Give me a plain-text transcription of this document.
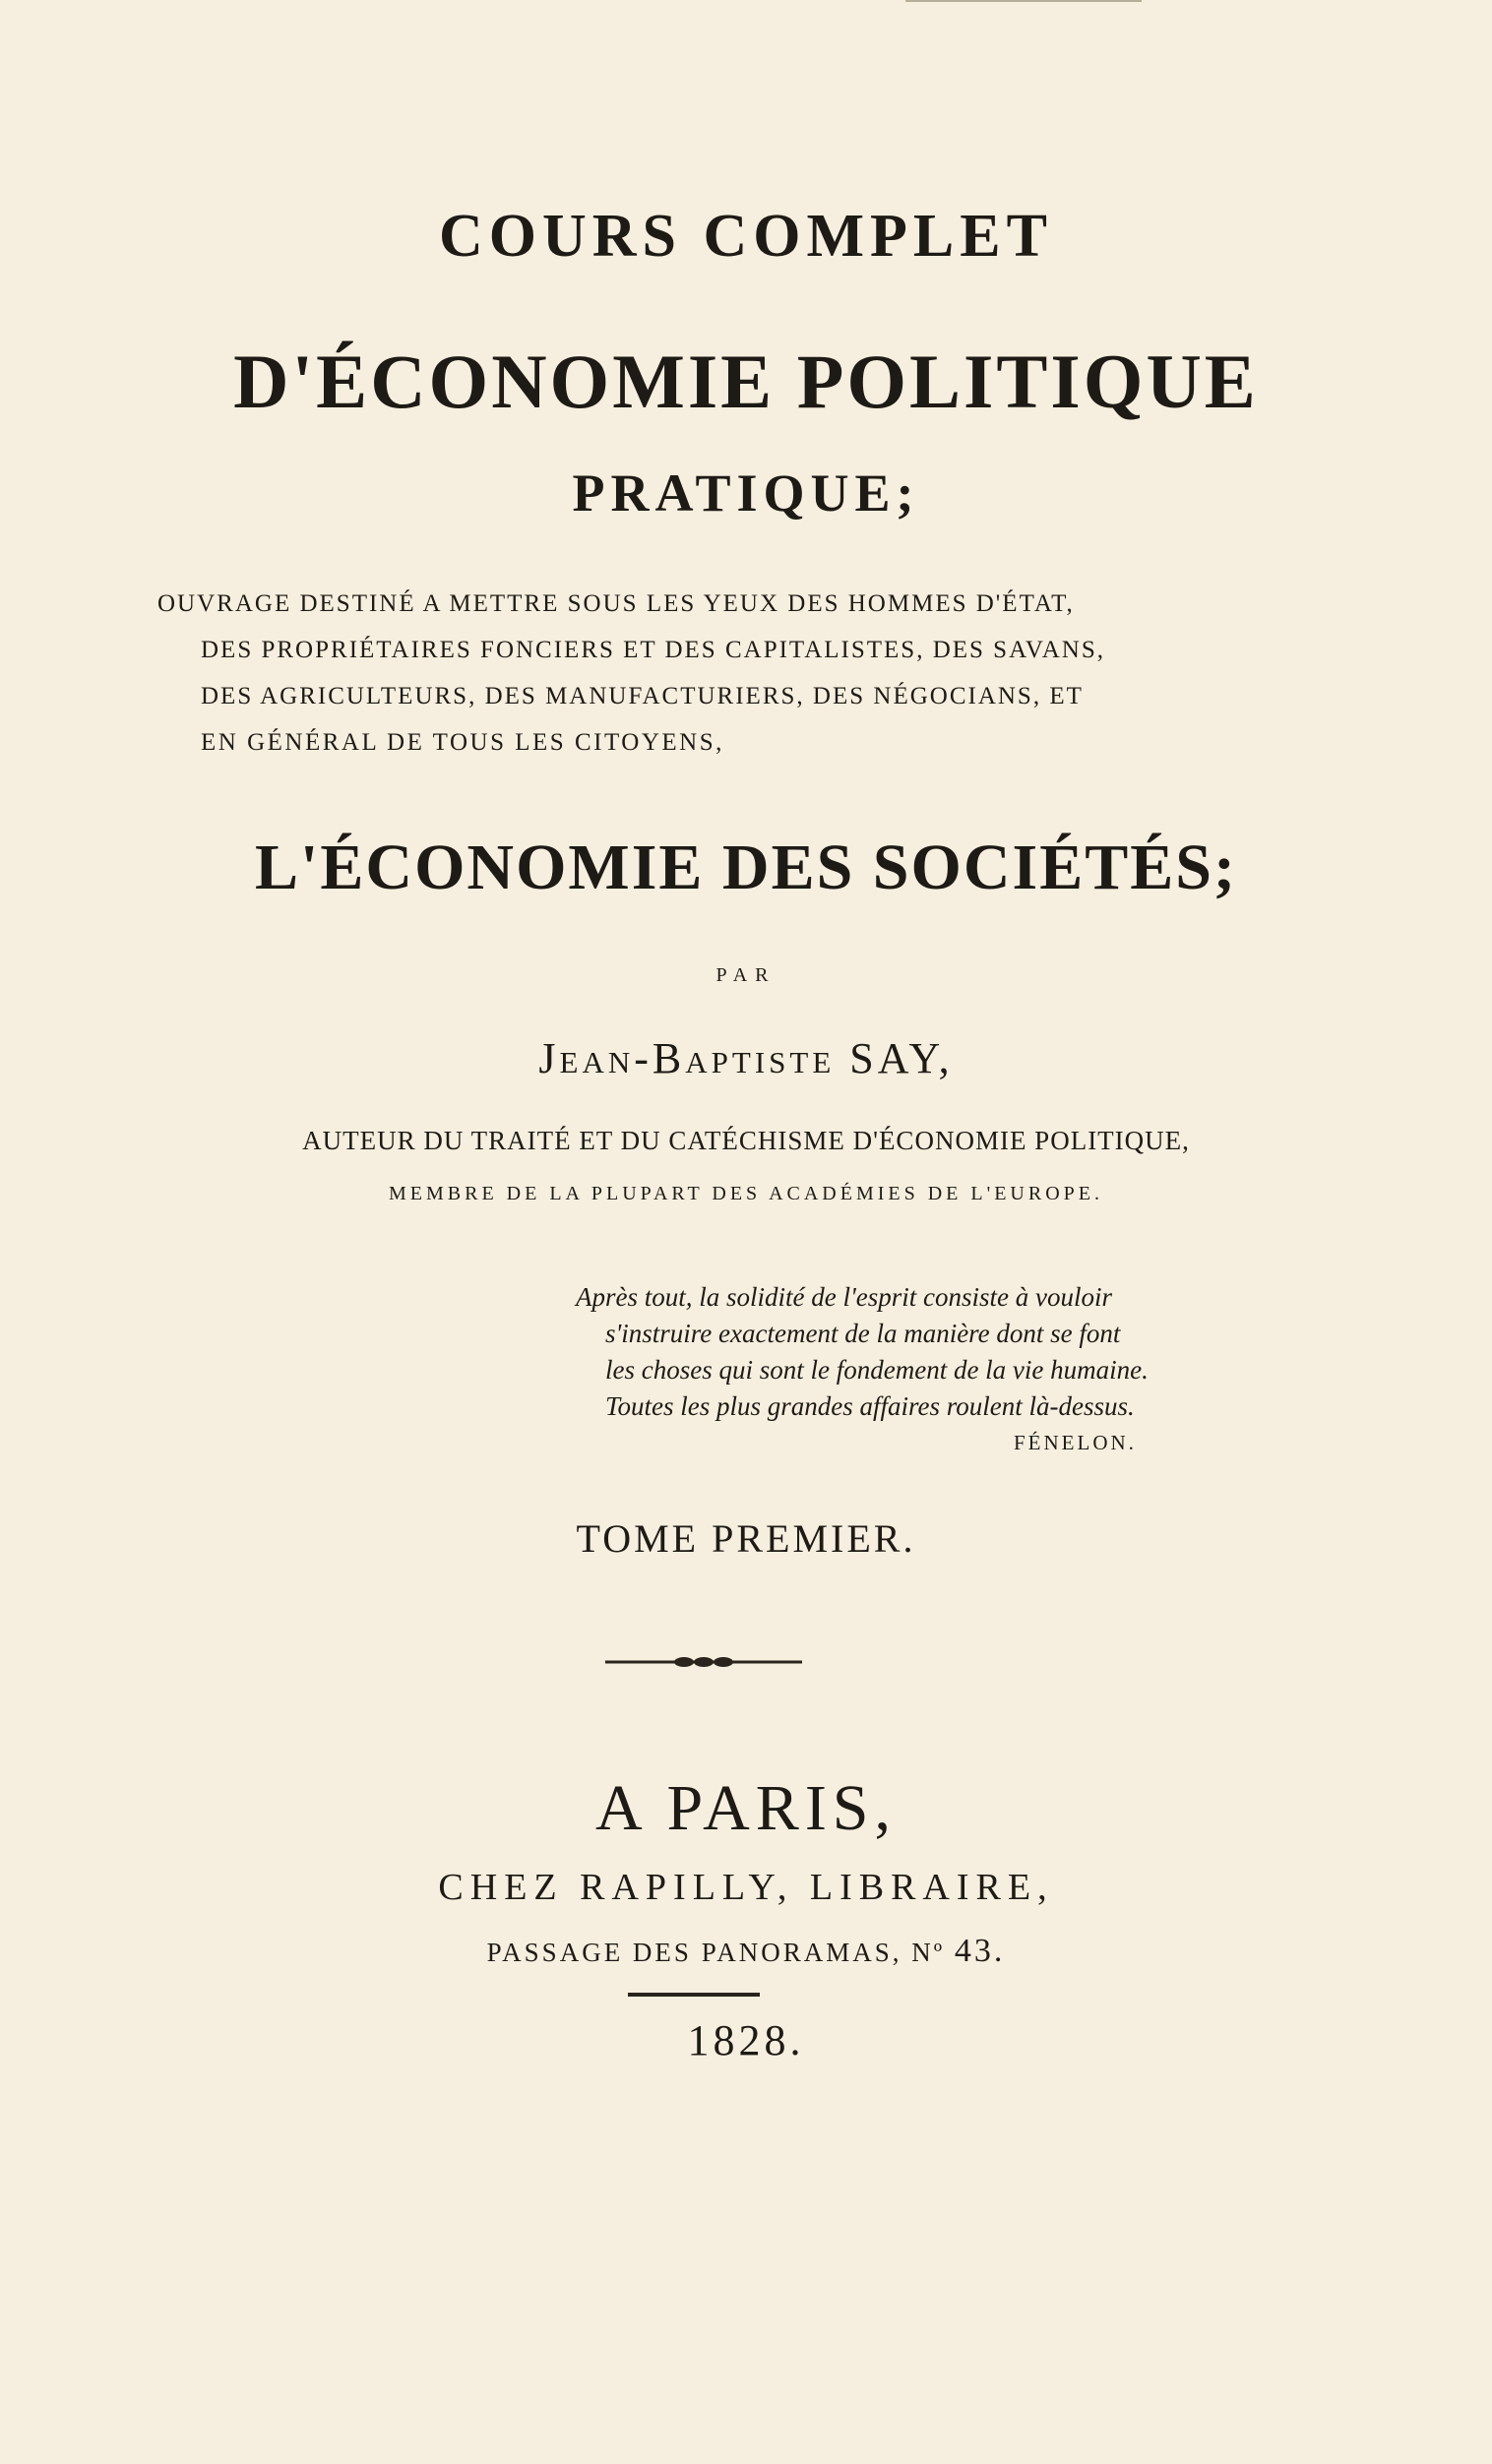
COURS COMPLET
D'ÉCONOMIE POLITIQUE
PRATIQUE;
OUVRAGE DESTINÉ A METTRE SOUS LES YEUX DES HOMMES D'ÉTAT,
DES PROPRIÉTAIRES FONCIERS ET DES CAPITALISTES, DES SAVANS,
DES AGRICULTEURS, DES MANUFACTURIERS, DES NÉGOCIANS, ET
EN GÉNÉRAL DE TOUS LES CITOYENS,
L'ÉCONOMIE DES SOCIÉTÉS;
PAR
Jean-Baptiste SAY,
AUTEUR DU TRAITÉ ET DU CATÉCHISME D'ÉCONOMIE POLITIQUE,
MEMBRE DE LA PLUPART DES ACADÉMIES DE L'EUROPE.
Après tout, la solidité de l'esprit consiste à vouloir
s'instruire exactement de la manière dont se font
les choses qui sont le fondement de la vie humaine.
Toutes les plus grandes affaires roulent là-dessus.
FÉNELON.
TOME PREMIER.
A PARIS,
CHEZ RAPILLY, LIBRAIRE,
PASSAGE DES PANORAMAS, Nº 43.
1828.
